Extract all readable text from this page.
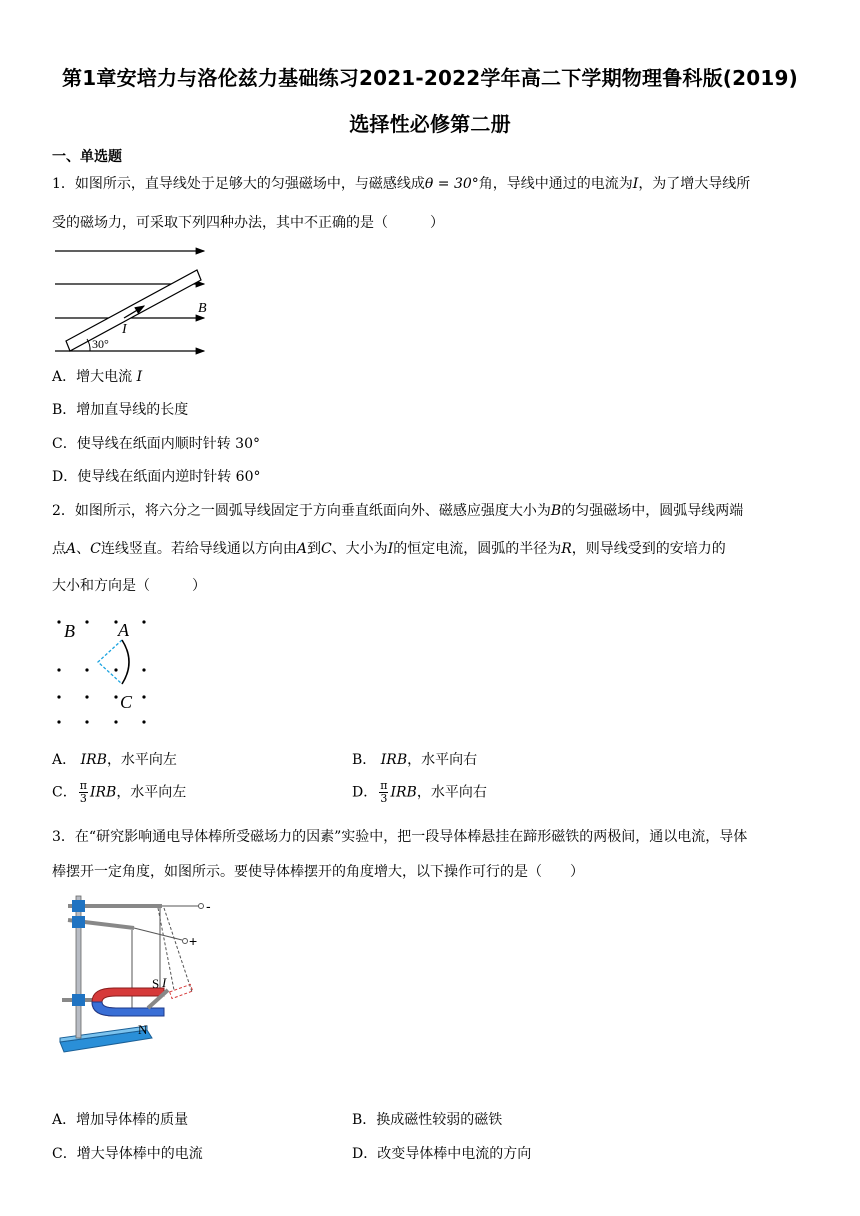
第1章安培力与洛伦兹力基础练习2021-2022学年高二下学期物理鲁科版(2019)
选择性必修第二册
一、单选题
1．如图所示，直导线处于足够大的匀强磁场中，与磁感线成θ = 30°角，导线中通过的电流为I，为了增大导线所
受的磁场力，可采取下列四种办法，其中不正确的是（　　　）
B
I
30°
A．增大电流 I
B．增加直导线的长度
C．使导线在纸面内顺时针转 30°
D．使导线在纸面内逆时针转 60°
2．如图所示，将六分之一圆弧导线固定于方向垂直纸面向外、磁感应强度大小为B的匀强磁场中，圆弧导线两端
点A、C连线竖直。若给导线通以方向由A到C、大小为I的恒定电流，圆弧的半径为R，则导线受到的安培力的
大小和方向是（　　　）
B A
C
A． IRB，水平向左	B． IRB，水平向右
C． $\frac{\pi}{3}$ IRB，水平向左	D． $\frac{\pi}{3}$ IRB，水平向右
3．在“研究影响通电导体棒所受磁场力的因素”实验中，把一段导体棒悬挂在蹄形磁铁的两极间，通以电流，导体
棒摆开一定角度，如图所示。要使导体棒摆开的角度增大，以下操作可行的是（　　）
-
+
S I
N
A．增加导体棒的质量	B．换成磁性较弱的磁铁
C．增大导体棒中的电流	D．改变导体棒中电流的方向
